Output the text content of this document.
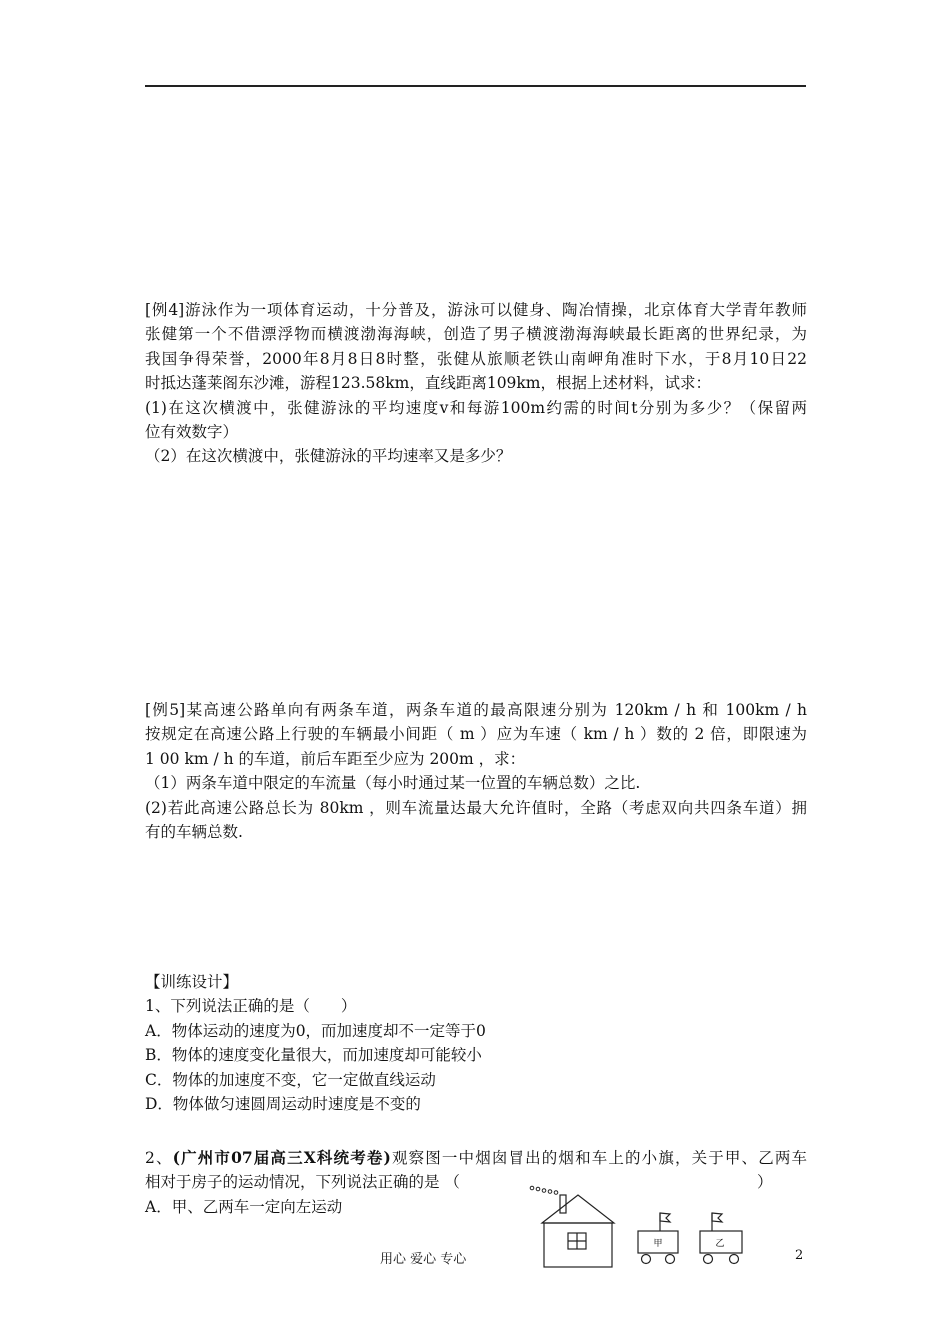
[例4]游泳作为一项体育运动，十分普及，游泳可以健身、陶冶情操，北京体育大学青年教师
张健第一个不借漂浮物而横渡渤海海峡，创造了男子横渡渤海海峡最长距离的世界纪录，为
我国争得荣誉，2000年8月8日8时整，张健从旅顺老铁山南岬角准时下水，于8月10日22
时抵达蓬莱阁东沙滩，游程123.58km，直线距离109km，根据上述材料，试求：
(1)在这次横渡中，张健游泳的平均速度v和每游100m约需的时间t分别为多少？（保留两
位有效数字）
（2）在这次横渡中，张健游泳的平均速率又是多少？
[例5]某高速公路单向有两条车道，两条车道的最高限速分别为 120km / h 和 100km / h
按规定在高速公路上行驶的车辆最小间距（ m ）应为车速（ km / h ）数的 2 倍，即限速为
1 00 km / h 的车道，前后车距至少应为 200m ，求：
（1）两条车道中限定的车流量（每小时通过某一位置的车辆总数）之比.
(2)若此高速公路总长为 80km ，则车流量达最大允许值时，全路（考虑双向共四条车道）拥
有的车辆总数.
【训练设计】
1、下列说法正确的是（　　）
A．物体运动的速度为0，而加速度却不一定等于0
B．物体的速度变化量很大，而加速度却可能较小
C．物体的加速度不变，它一定做直线运动
D．物体做匀速圆周运动时速度是不变的
2、(广州市07届高三X科统考卷)观察图一中烟囱冒出的烟和车上的小旗，关于甲、乙两车
相对于房子的运动情况，下列说法正确的是 （	）
A．甲、乙两车一定向左运动
甲	乙
用心 爱心 专心	2
